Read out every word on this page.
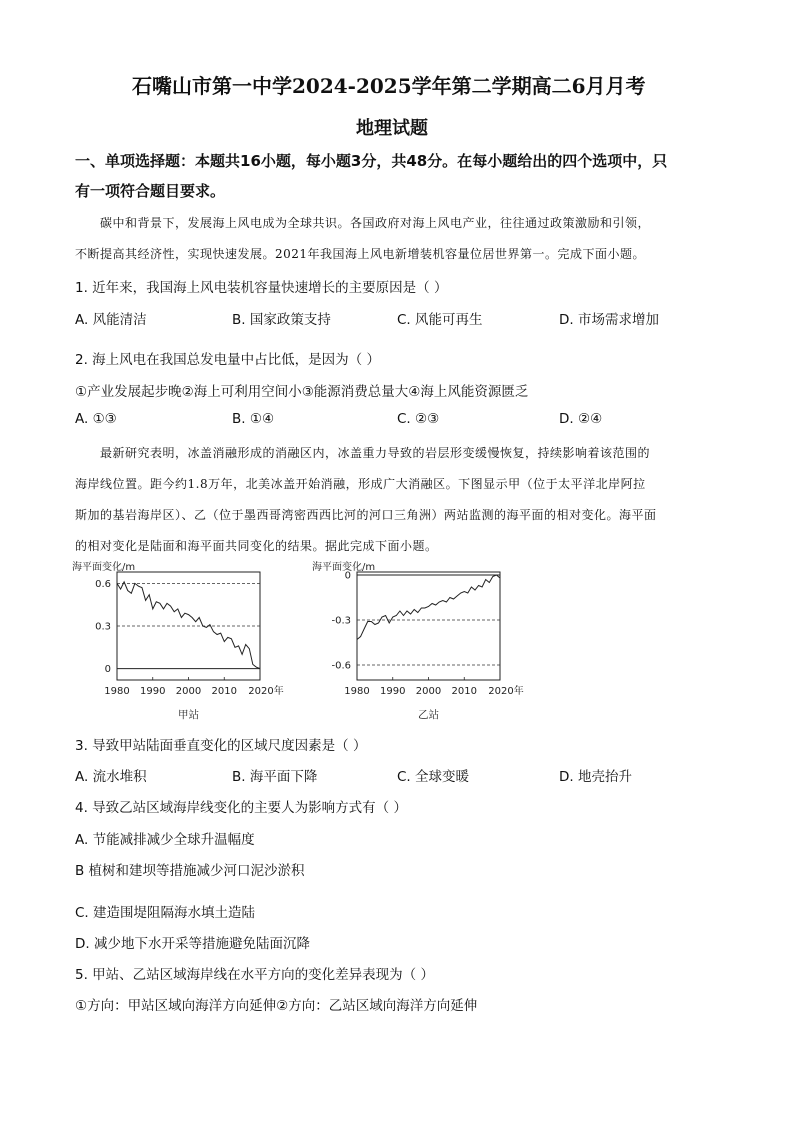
石嘴山市第一中学2024-2025学年第二学期高二6月月考
地理试题
一、单项选择题：本题共16小题，每小题3分，共48分。在每小题给出的四个选项中，只
有一项符合题目要求。
碳中和背景下，发展海上风电成为全球共识。各国政府对海上风电产业，往往通过政策激励和引领，
不断提高其经济性，实现快速发展。2021年我国海上风电新增装机容量位居世界第一。完成下面小题。
1. 近年来，我国海上风电装机容量快速增长的主要原因是（ ）
A. 风能清洁	B. 国家政策支持	C. 风能可再生	D. 市场需求增加
2. 海上风电在我国总发电量中占比低，是因为（ ）
①产业发展起步晚②海上可利用空间小③能源消费总量大④海上风能资源匮乏
A. ①③	B. ①④	C. ②③	D. ②④
最新研究表明，冰盖消融形成的消融区内，冰盖重力导致的岩层形变缓慢恢复，持续影响着该范围的
海岸线位置。距今约1.8万年，北美冰盖开始消融，形成广大消融区。下图显示甲（位于太平洋北岸阿拉
斯加的基岩海岸区）、乙（位于墨西哥湾密西西比河的河口三角洲）两站监测的海平面的相对变化。海平面
的相对变化是陆面和海平面共同变化的结果。据此完成下面小题。
海平面变化/m
0.6
0.3
0
1980 1990 2000 2010 2020年
甲站
海平面变化/m
0
-0.3
-0.6
1980 1990 2000 2010 2020年
乙站
3. 导致甲站陆面垂直变化的区域尺度因素是（ ）
A. 流水堆积	B. 海平面下降	C. 全球变暖	D. 地壳抬升
4. 导致乙站区域海岸线变化的主要人为影响方式有（ ）
A. 节能减排减少全球升温幅度
B 植树和建坝等措施减少河口泥沙淤积
C. 建造围堤阻隔海水填土造陆
D. 减少地下水开采等措施避免陆面沉降
5. 甲站、乙站区域海岸线在水平方向的变化差异表现为（ ）
①方向：甲站区域向海洋方向延伸②方向：乙站区域向海洋方向延伸
